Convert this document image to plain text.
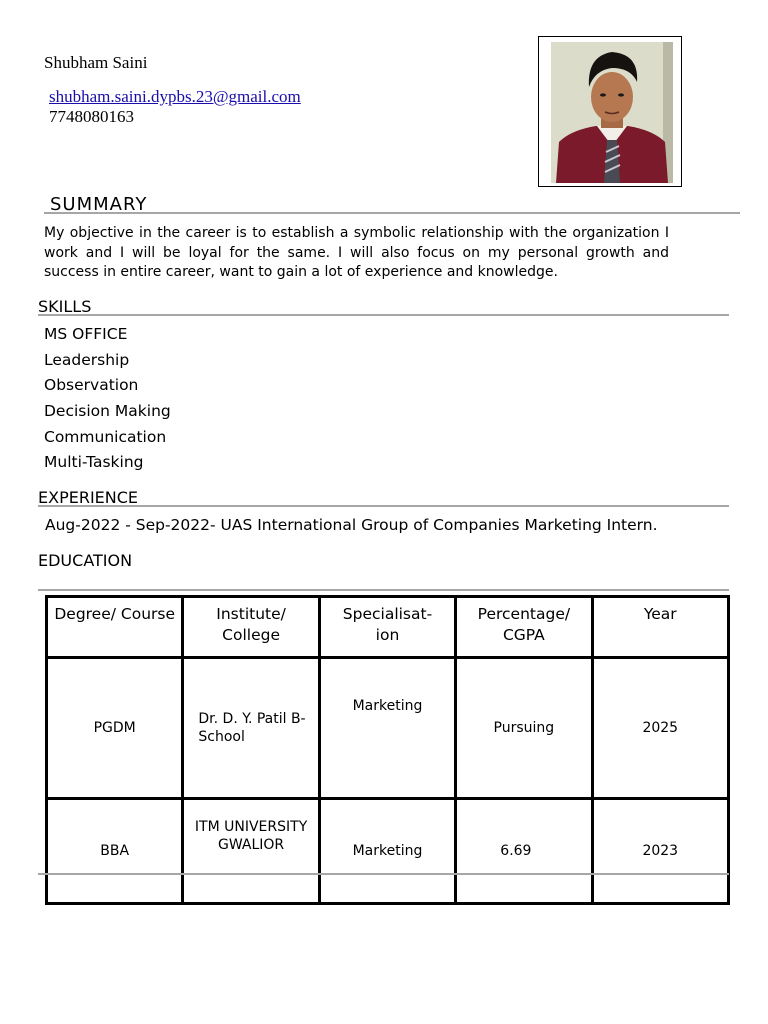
Shubham Saini
shubham.saini.dypbs.23@gmail.com
7748080163
SUMMARY
My objective in the career is to establish a symbolic relationship with the organization I work and I will be loyal for the same. I will also focus on my personal growth and success in entire career, want to gain a lot of experience and knowledge.
SKILLS
MS OFFICE
Leadership
Observation
Decision Making
Communication
Multi-Tasking
EXPERIENCE
Aug-2022 - Sep-2022- UAS International Group of Companies Marketing Intern.
EDUCATION
Degree/ Course	Institute/ College	Specialisat-ion	Percentage/ CGPA	Year
PGDM	Dr. D. Y. Patil B-School	Marketing	Pursuing	2025
BBA	ITM UNIVERSITY GWALIOR	Marketing	6.69	2023
